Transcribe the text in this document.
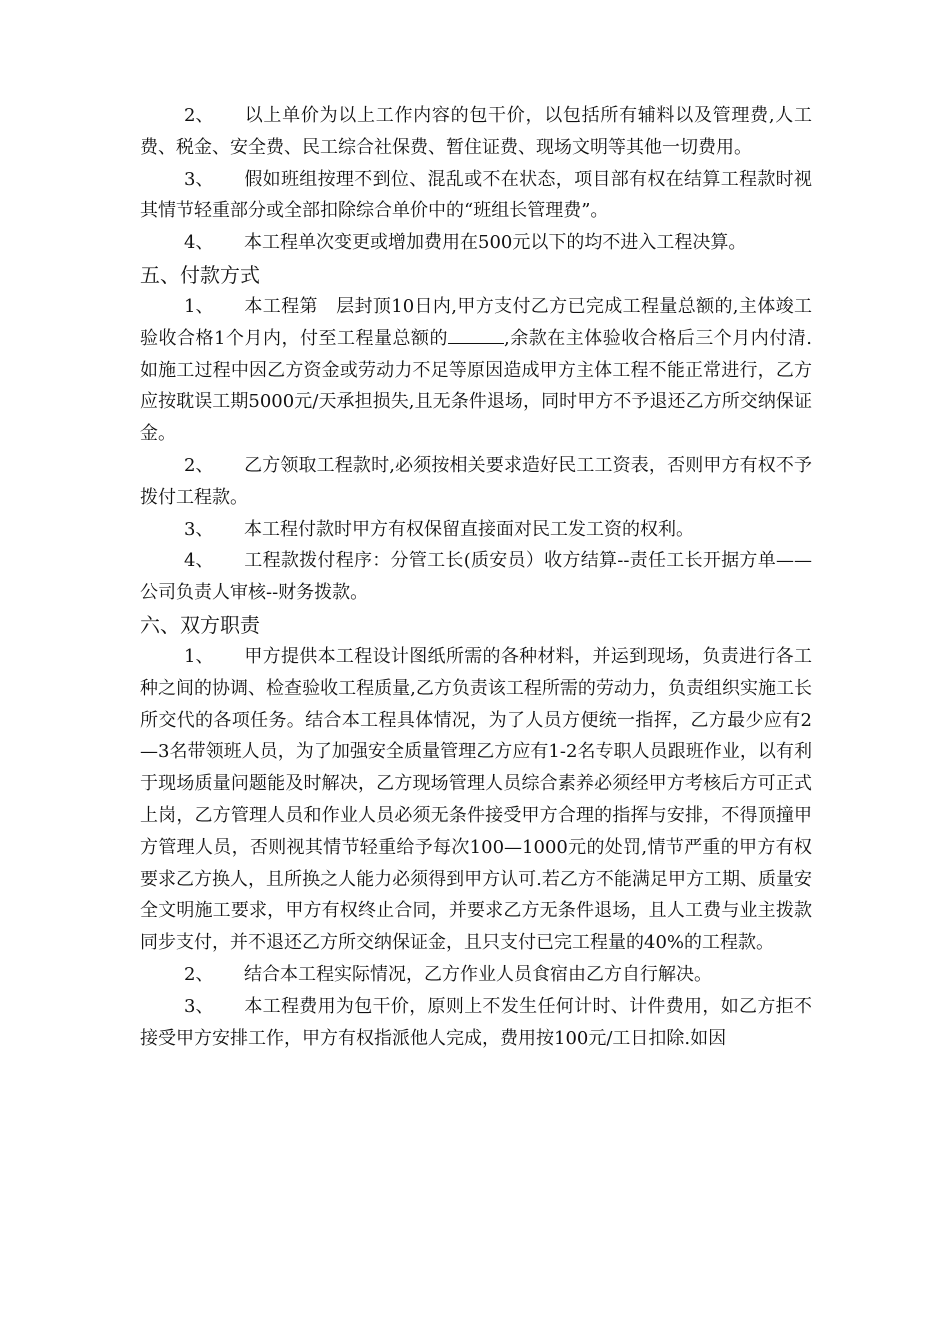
2、 以上单价为以上工作内容的包干价，以包括所有辅料以及管理费,人工费、税金、安全费、民工综合社保费、暂住证费、现场文明等其他一切费用。

3、 假如班组按理不到位、混乱或不在状态，项目部有权在结算工程款时视其情节轻重部分或全部扣除综合单价中的“班组长管理费”。

4、 本工程单次变更或增加费用在500元以下的均不进入工程决算。

五、付款方式

1、 本工程第　层封顶10日内,甲方支付乙方已完成工程量总额的,主体竣工验收合格1个月内，付至工程量总额的	,余款在主体验收合格后三个月内付清.如施工过程中因乙方资金或劳动力不足等原因造成甲方主体工程不能正常进行，乙方应按耽误工期5000元/天承担损失,且无条件退场，同时甲方不予退还乙方所交纳保证金。

2、 乙方领取工程款时,必须按相关要求造好民工工资表，否则甲方有权不予拨付工程款。

3、 本工程付款时甲方有权保留直接面对民工发工资的权利。

4、 工程款拨付程序：分管工长(质安员）收方结算--责任工长开据方单——公司负责人审核--财务拨款。

六、双方职责

1、 甲方提供本工程设计图纸所需的各种材料，并运到现场，负责进行各工种之间的协调、检查验收工程质量,乙方负责该工程所需的劳动力，负责组织实施工长所交代的各项任务。结合本工程具体情况，为了人员方便统一指挥，乙方最少应有2—3名带领班人员，为了加强安全质量管理乙方应有1-2名专职人员跟班作业，以有利于现场质量问题能及时解决，乙方现场管理人员综合素养必须经甲方考核后方可正式上岗，乙方管理人员和作业人员必须无条件接受甲方合理的指挥与安排，不得顶撞甲方管理人员，否则视其情节轻重给予每次100—1000元的处罚,情节严重的甲方有权要求乙方换人，且所换之人能力必须得到甲方认可.若乙方不能满足甲方工期、质量安全文明施工要求，甲方有权终止合同，并要求乙方无条件退场，且人工费与业主拨款同步支付，并不退还乙方所交纳保证金，且只支付已完工程量的40%的工程款。

2、 结合本工程实际情况，乙方作业人员食宿由乙方自行解决。

3、 本工程费用为包干价，原则上不发生任何计时、计件费用，如乙方拒不接受甲方安排工作，甲方有权指派他人完成，费用按100元/工日扣除.如因
